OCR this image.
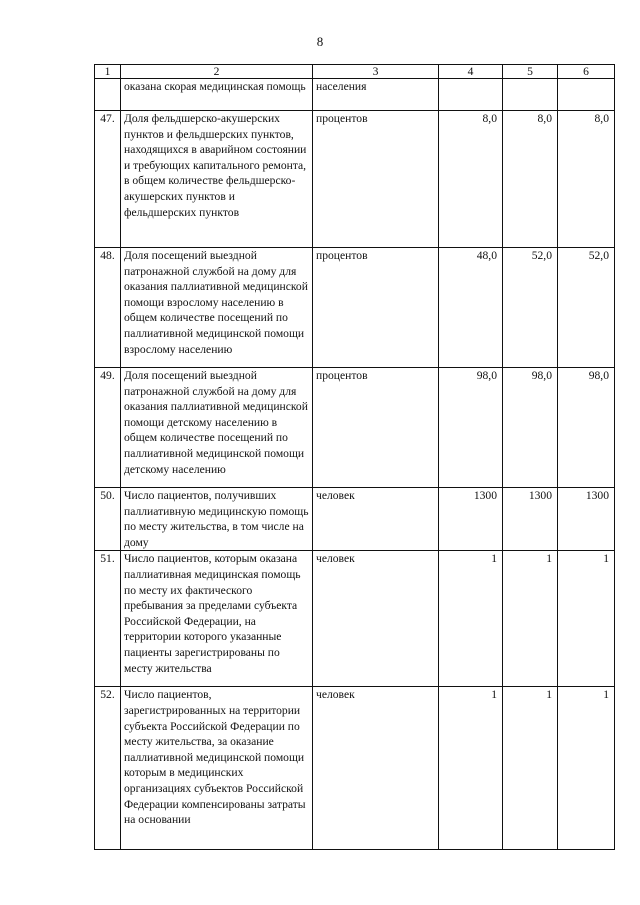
8
1	2	3	4	5	6
	оказана скорая медицинская помощь	населения			
47.	Доля фельдшерско-акушерских пунктов и фельдшерских пунктов, находящихся в аварийном состоянии и требующих капитального ремонта, в общем количестве фельдшерско-акушерских пунктов и фельдшерских пунктов	процентов	8,0	8,0	8,0
48.	Доля посещений выездной патронажной службой на дому для оказания паллиативной медицинской помощи взрослому населению в общем количестве посещений по паллиативной медицинской помощи взрослому населению	процентов	48,0	52,0	52,0
49.	Доля посещений выездной патронажной службой на дому для оказания паллиативной медицинской помощи детскому населению в общем количестве посещений по паллиативной медицинской помощи детскому населению	процентов	98,0	98,0	98,0
50.	Число пациентов, получивших паллиативную медицинскую помощь по месту жительства, в том числе на дому	человек	1300	1300	1300
51.	Число пациентов, которым оказана паллиативная медицинская помощь по месту их фактического пребывания за пределами субъекта Российской Федерации, на территории которого указанные пациенты зарегистрированы по месту жительства	человек	1	1	1
52.	Число пациентов, зарегистрированных на территории субъекта Российской Федерации по месту жительства, за оказание паллиативной медицинской помощи которым в медицинских организациях субъектов Российской Федерации компенсированы затраты на основании	человек	1	1	1
